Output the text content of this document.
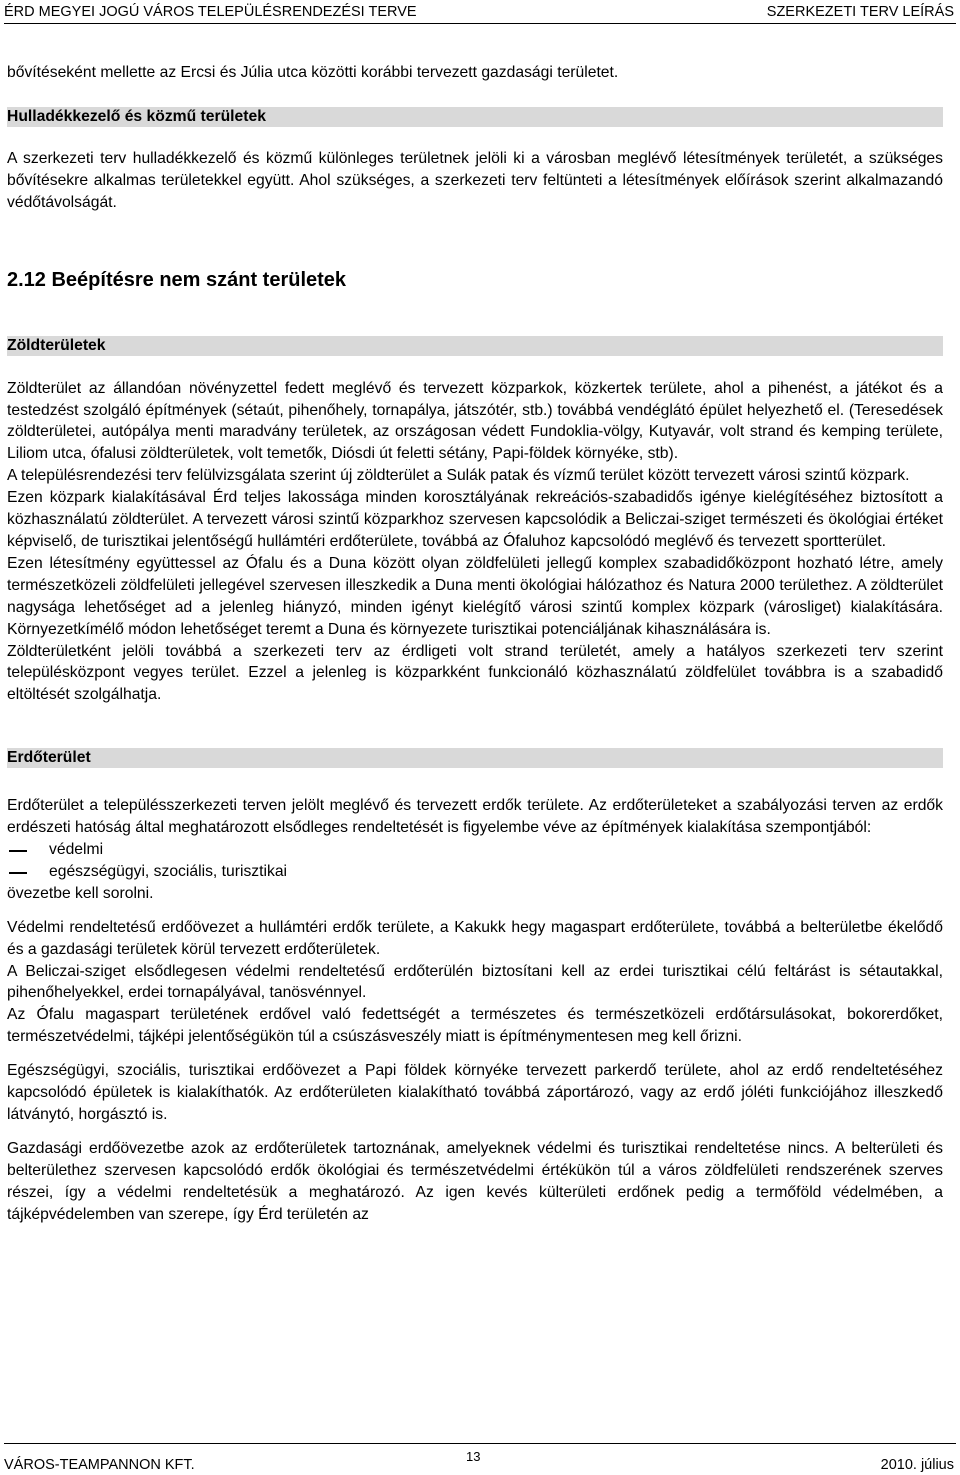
ÉRD MEGYEI JOGÚ VÁROS TELEPÜLÉSRENDEZÉSI TERVE	SZERKEZETI TERV LEÍRÁS

bővítéseként mellette az Ercsi és Júlia utca közötti korábbi tervezett gazdasági területet.

Hulladékkezelő és közmű területek

A szerkezeti terv hulladékkezelő és közmű különleges területnek jelöli ki a városban meglévő létesítmények területét, a szükséges bővítésekre alkalmas területekkel együtt. Ahol szükséges, a szerkezeti terv feltünteti a létesítmények előírások szerint alkalmazandó védőtávolságát.

2.12 Beépítésre nem szánt területek
Zöldterületek

Zöldterület az állandóan növényzettel fedett meglévő és tervezett közparkok, közkertek területe, ahol a pihenést, a játékot és a testedzést szolgáló építmények (sétaút, pihenőhely, tornapálya, játszótér, stb.) továbbá vendéglátó épület helyezhető el. (Teresedések zöldterületei, autópálya menti maradvány területek, az országosan védett Fundoklia-völgy, Kutyavár, volt strand és kemping területe, Liliom utca, ófalusi zöldterületek, volt temetők, Diósdi út feletti sétány, Papi-földek környéke, stb).

A településrendezési terv felülvizsgálata szerint új zöldterület a Sulák patak és vízmű terület között tervezett városi szintű közpark.

Ezen közpark kialakításával Érd teljes lakossága minden korosztályának rekreációs-szabadidős igénye kielégítéséhez biztosított a közhasználatú zöldterület. A tervezett városi szintű közparkhoz szervesen kapcsolódik a Beliczai-sziget természeti és ökológiai értéket képviselő, de turisztikai jelentőségű hullámtéri erdőterülete, továbbá az Ófaluhoz kapcsolódó meglévő és tervezett sportterület.

Ezen létesítmény együttessel az Ófalu és a Duna között olyan zöldfelületi jellegű komplex szabadidőközpont hozható létre, amely természetközeli zöldfelületi jellegével szervesen illeszkedik a Duna menti ökológiai hálózathoz és Natura 2000 területhez. A zöldterület nagysága lehetőséget ad a jelenleg hiányzó, minden igényt kielégítő városi szintű komplex közpark (városliget) kialakítására. Környezetkímélő módon lehetőséget teremt a Duna és környezete turisztikai potenciáljának kihasználására is.

Zöldterületként jelöli továbbá a szerkezeti terv az érdligeti volt strand területét, amely a hatályos szerkezeti terv szerint településközpont vegyes terület. Ezzel a jelenleg is közparkként funkcionáló közhasználatú zöldfelület továbbra is a szabadidő eltöltését szolgálhatja.

Erdőterület

Erdőterület a településszerkezeti terven jelölt meglévő és tervezett erdők területe. Az erdőterületeket a szabályozási terven az erdők erdészeti hatóság által meghatározott elsődleges rendeltetését is figyelembe véve az építmények kialakítása szempontjából:

védelmi

egészségügyi, szociális, turisztikai

övezetbe kell sorolni.

Védelmi rendeltetésű erdőövezet a hullámtéri erdők területe, a Kakukk hegy magaspart erdőterülete, továbbá a belterületbe ékelődő és a gazdasági területek körül tervezett erdőterületek.

A Beliczai-sziget elsődlegesen védelmi rendeltetésű erdőterülén biztosítani kell az erdei turisztikai célú feltárást is sétautakkal, pihenőhelyekkel, erdei tornapályával, tanösvénnyel.

Az Ófalu magaspart területének erdővel való fedettségét a természetes és természetközeli erdőtársulásokat, bokorerdőket, természetvédelmi, tájképi jelentőségükön túl a csúszásveszély miatt is építménymentesen meg kell őrizni.

Egészségügyi, szociális, turisztikai erdőövezet a Papi földek környéke tervezett parkerdő területe, ahol az erdő rendeltetéséhez kapcsolódó épületek is kialakíthatók. Az erdőterületen kialakítható továbbá záportározó, vagy az erdő jóléti funkciójához illeszkedő látványtó, horgásztó is.

Gazdasági erdőövezetbe azok az erdőterületek tartoznának, amelyeknek védelmi és turisztikai rendeltetése nincs. A belterületi és belterülethez szervesen kapcsolódó erdők ökológiai és természetvédelmi értékükön túl a város zöldfelületi rendszerének szerves részei, így a védelmi rendeltetésük a meghatározó. Az igen kevés külterületi erdőnek pedig a termőföld védelmében, a tájképvédelemben van szerepe, így Érd területén az

VÁROS-TEAMPANNON KFT.
13
2010. július
